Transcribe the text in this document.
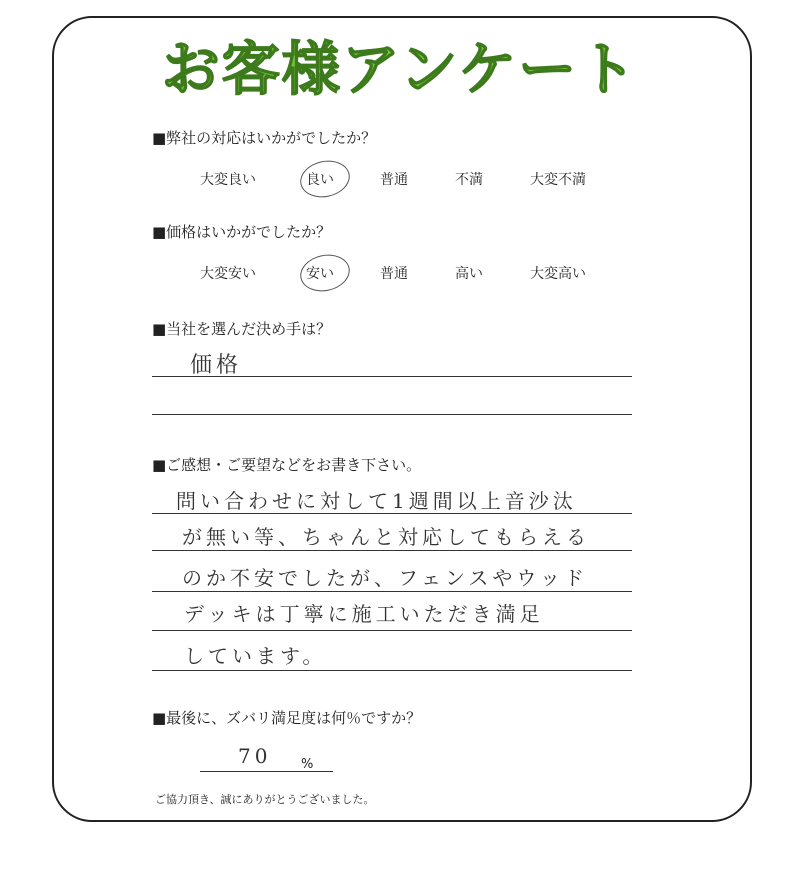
お客様アンケート
■弊社の対応はいかがでしたか？
大変良い	良い	普通	不満	大変不満
■価格はいかがでしたか？
大変安い	安い	普通	高い	大変高い
■当社を選んだ決め手は？
価格
■ご感想・ご要望などをお書き下さい。
問い合わせに対して1週間以上音沙汰
が無い等、ちゃんと対応してもらえる
のか不安でしたが、フェンスやウッド
デッキは丁寧に施工いただき満足
しています。
■最後に、ズバリ満足度は何％ですか？
70 %
ご協力頂き、誠にありがとうございました。
